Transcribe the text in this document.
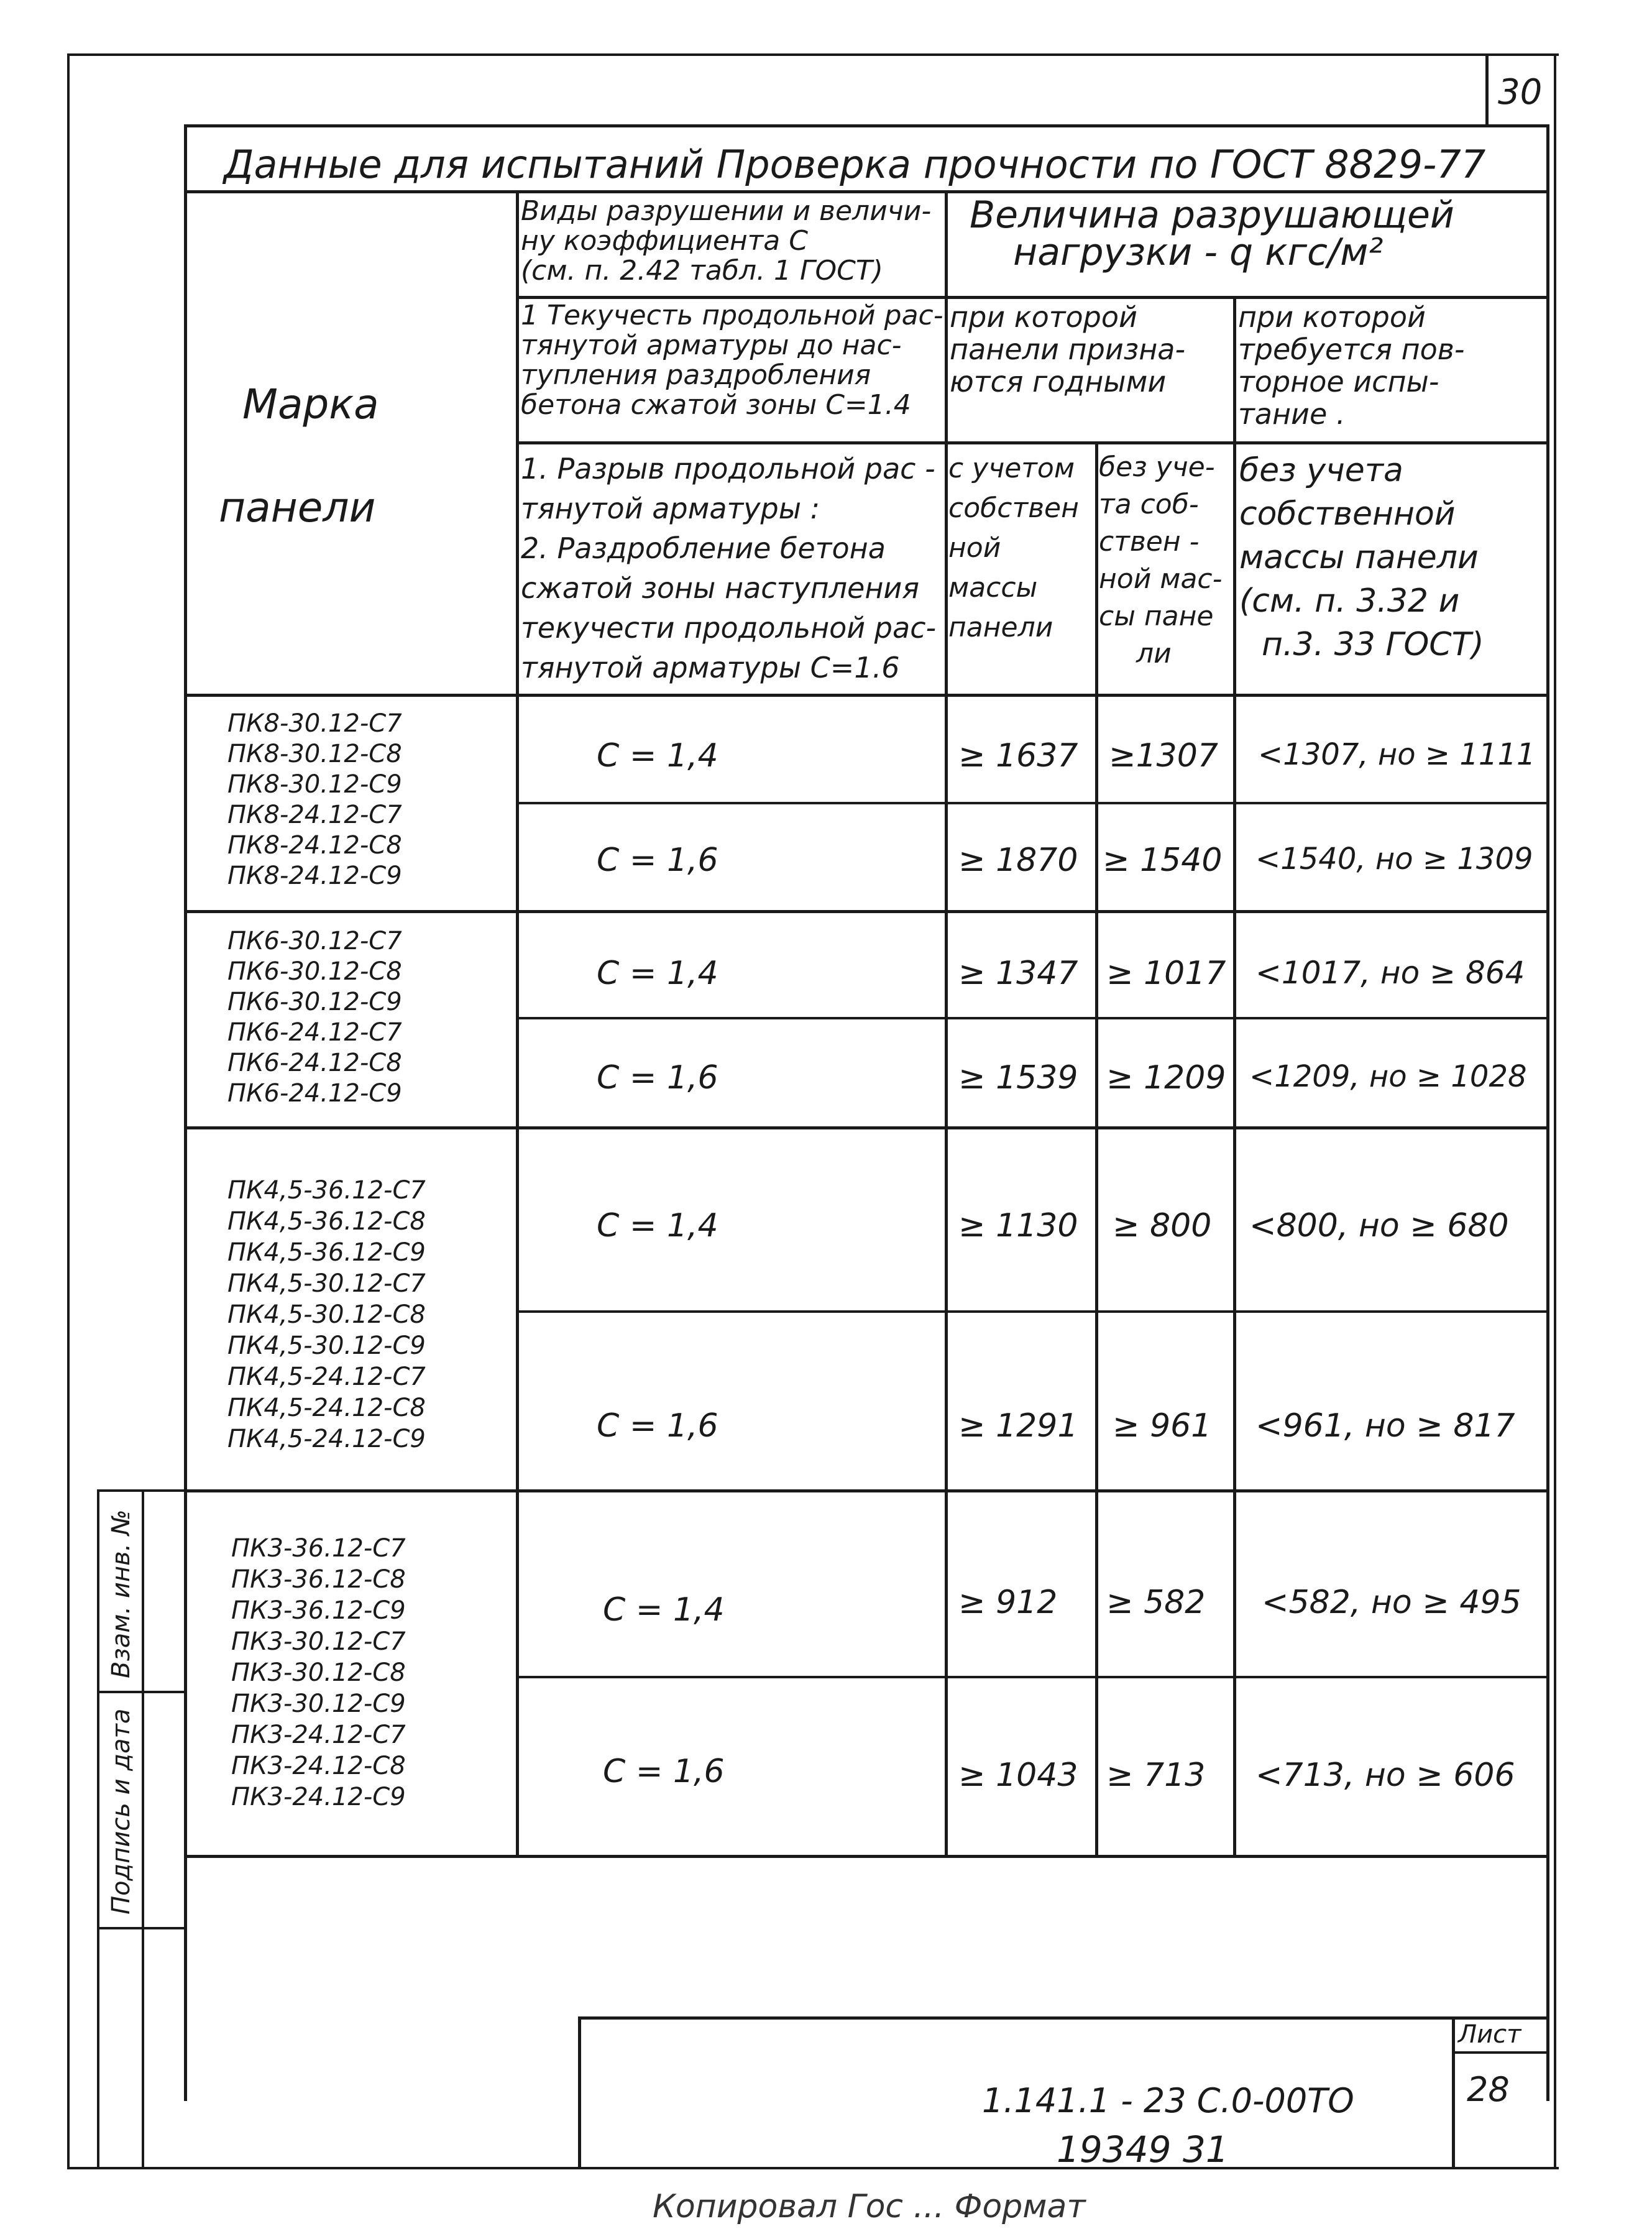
30
Данные для испытаний Проверка прочности по ГОСТ 8829-77
Марка
панели
Виды разрушении и величи-
ну коэффициента С
(см. п. 2.42 табл. 1 ГОСТ)
Величина разрушающей
нагрузки - q кгс/м²
1 Текучесть продольной рас-
тянутой арматуры до нас-
тупления раздробления
бетона сжатой зоны С=1.4
при которой
панели призна-
ются годными
при которой
требуется пов-
торное испы-
тание .
1. Разрыв продольной рас -
тянутой арматуры :
2. Раздробление бетона
сжатой зоны наступления
текучести продольной рас-
тянутой арматуры С=1.6
с учетом
собствен
ной
массы
панели
без уче-
та соб-
ствен -
ной мас-
сы пане
ли
без учета
собственной
массы панели
(см. п. 3.32 и
п.3. 33 ГОСТ)
ПК8-30.12-С7
ПК8-30.12-С8
ПК8-30.12-С9
ПК8-24.12-С7
ПК8-24.12-С8
ПК8-24.12-С9
С = 1,4	≥ 1637 ≥1307 <1307, но ≥ 1111
С = 1,6	≥ 1870 ≥ 1540 <1540, но ≥ 1309
ПК6-30.12-С7
ПК6-30.12-С8
ПК6-30.12-С9
ПК6-24.12-С7
ПК6-24.12-С8
ПК6-24.12-С9
С = 1,4	≥ 1347 ≥ 1017 <1017, но ≥ 864
С = 1,6	≥ 1539 ≥ 1209 <1209, но ≥ 1028
ПК4,5-36.12-С7
ПК4,5-36.12-С8
ПК4,5-36.12-С9
ПК4,5-30.12-С7
ПК4,5-30.12-С8
ПК4,5-30.12-С9
ПК4,5-24.12-С7
ПК4,5-24.12-С8
ПК4,5-24.12-С9
С = 1,4	≥ 1130 ≥ 800 <800, но ≥ 680
С = 1,6	≥ 1291 ≥ 961 <961, но ≥ 817
ПК3-36.12-С7
ПК3-36.12-С8
ПК3-36.12-С9
ПК3-30.12-С7
ПК3-30.12-С8
ПК3-30.12-С9
ПК3-24.12-С7
ПК3-24.12-С8
ПК3-24.12-С9
С = 1,4	≥ 912 ≥ 582 <582, но ≥ 495
С = 1,6	≥ 1043 ≥ 713 <713, но ≥ 606
Взам. инв. №
Подпись и дата
Лист
28
1.141.1 - 23 С.0-00ТО
19349 31
Копировал Гос ... Формат
